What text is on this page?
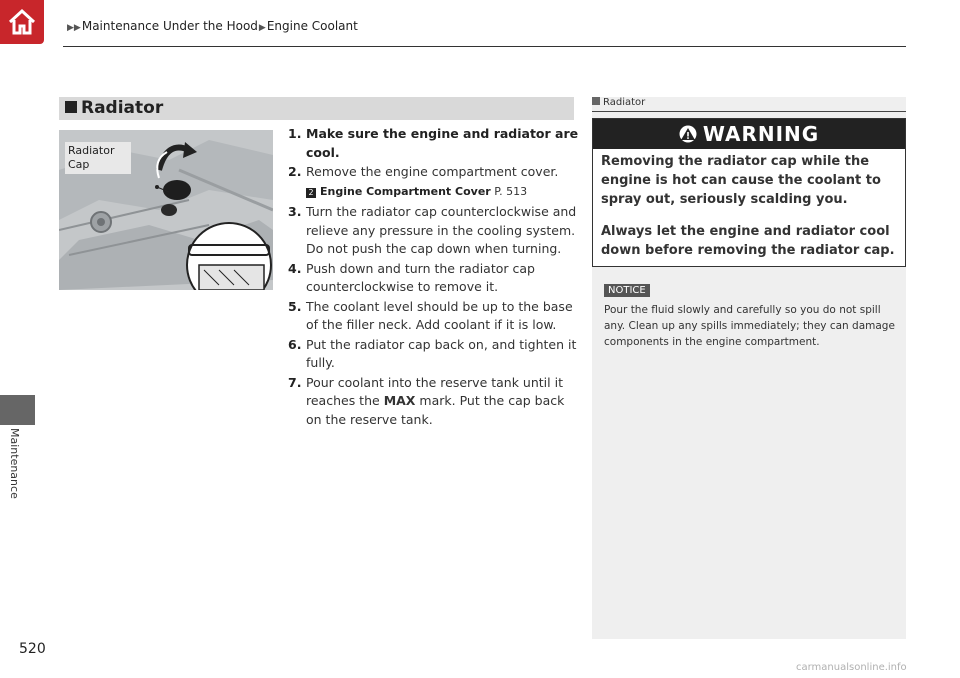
▶▶Maintenance Under the Hood▶Engine Coolant
Maintenance
Radiator
Radiator
Cap
1. Make sure the engine and radiator are cool.
2. Remove the engine compartment cover.
2 Engine Compartment Cover P. 513
3. Turn the radiator cap counterclockwise and relieve any pressure in the cooling system. Do not push the cap down when turning.
4. Push down and turn the radiator cap counterclockwise to remove it.
5. The coolant level should be up to the base of the filler neck. Add coolant if it is low.
6. Put the radiator cap back on, and tighten it fully.
7. Pour coolant into the reserve tank until it reaches the MAX mark. Put the cap back on the reserve tank.
Radiator
WARNING
Removing the radiator cap while the engine is hot can cause the coolant to spray out, seriously scalding you.
Always let the engine and radiator cool down before removing the radiator cap.
NOTICE
Pour the fluid slowly and carefully so you do not spill any. Clean up any spills immediately; they can damage components in the engine compartment.
520
carmanualsonline.info
